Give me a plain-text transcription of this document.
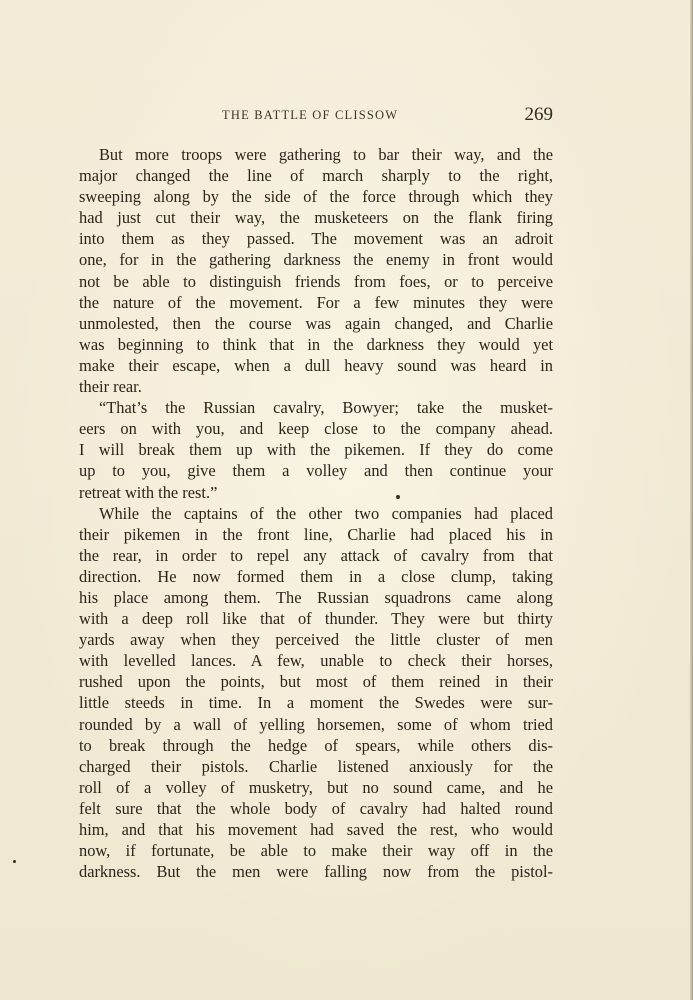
THE BATTLE OF CLISSOW	269
But more troops were gathering to bar their way, and the
major changed the line of march sharply to the right,
sweeping along by the side of the force through which they
had just cut their way, the musketeers on the flank firing
into them as they passed. The movement was an adroit
one, for in the gathering darkness the enemy in front would
not be able to distinguish friends from foes, or to perceive
the nature of the movement. For a few minutes they were
unmolested, then the course was again changed, and Charlie
was beginning to think that in the darkness they would yet
make their escape, when a dull heavy sound was heard in
their rear.
“That’s the Russian cavalry, Bowyer; take the musket-
eers on with you, and keep close to the company ahead.
I will break them up with the pikemen. If they do come
up to you, give them a volley and then continue your
retreat with the rest.”
While the captains of the other two companies had placed
their pikemen in the front line, Charlie had placed his in
the rear, in order to repel any attack of cavalry from that
direction. He now formed them in a close clump, taking
his place among them. The Russian squadrons came along
with a deep roll like that of thunder. They were but thirty
yards away when they perceived the little cluster of men
with levelled lances. A few, unable to check their horses,
rushed upon the points, but most of them reined in their
little steeds in time. In a moment the Swedes were sur-
rounded by a wall of yelling horsemen, some of whom tried
to break through the hedge of spears, while others dis-
charged their pistols. Charlie listened anxiously for the
roll of a volley of musketry, but no sound came, and he
felt sure that the whole body of cavalry had halted round
him, and that his movement had saved the rest, who would
now, if fortunate, be able to make their way off in the
darkness. But the men were falling now from the pistol-
